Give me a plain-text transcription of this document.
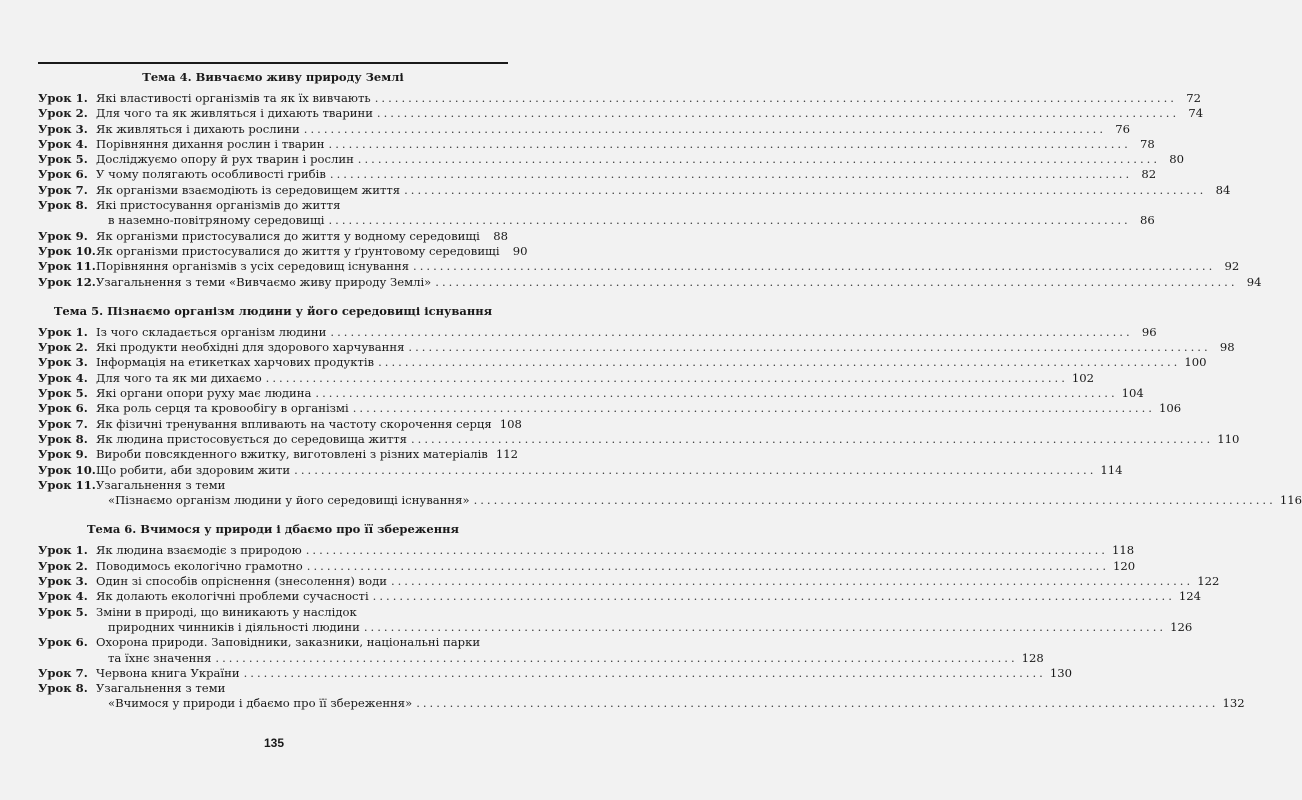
Тема 4. Вивчаємо живу природу Землі
Урок 1. Які властивості організмів та як їх вивчають ........................................................................................................................ 72
Урок 2. Для чого та як живляться і дихають тварини ........................................................................................................................ 74
Урок 3. Як живляться і дихають рослини ........................................................................................................................ 76
Урок 4. Порівняння дихання рослин і тварин ........................................................................................................................ 78
Урок 5. Досліджуємо опору й рух тварин і рослин ........................................................................................................................ 80
Урок 6. У чому полягають особливості грибів ........................................................................................................................ 82
Урок 7. Як організми взаємодіють із середовищем життя ........................................................................................................................ 84
Урок 8. Які пристосування організмів до життя
в наземно-повітряному середовищі ........................................................................................................................ 86
Урок 9. Як організми пристосувалися до життя у водному середовищі	88
Урок 10. Як організми пристосувалися до життя у ґрунтовому середовищі	90
Урок 11. Порівняння організмів з усіх середовищ існування ........................................................................................................................ 92
Урок 12. Узагальнення з теми «Вивчаємо живу природу Землі» ........................................................................................................................ 94
Тема 5. Пізнаємо організм людини у його середовищі існування
Урок 1. Із чого складається організм людини ........................................................................................................................ 96
Урок 2. Які продукти необхідні для здорового харчування ........................................................................................................................ 98
Урок 3. Інформація на етикетках харчових продуктів ........................................................................................................................ 100
Урок 4. Для чого та як ми дихаємо ........................................................................................................................ 102
Урок 5. Які органи опори руху має людина ........................................................................................................................ 104
Урок 6. Яка роль серця та кровообігу в організмі ........................................................................................................................ 106
Урок 7. Як фізичні тренування впливають на частоту скорочення серця 108
Урок 8. Як людина пристосовується до середовища життя ........................................................................................................................ 110
Урок 9. Вироби повсякденного вжитку, виготовлені з різних матеріалів 112
Урок 10. Що робити, аби здоровим жити ........................................................................................................................ 114
Урок 11. Узагальнення з теми
«Пізнаємо організм людини у його середовищі існування» ........................................................................................................................ 116
Тема 6. Вчимося у природи і дбаємо про її збереження
Урок 1. Як людина взаємодіє з природою ........................................................................................................................ 118
Урок 2. Поводимось екологічно грамотно ........................................................................................................................ 120
Урок 3. Один зі способів опріснення (знесолення) води ........................................................................................................................ 122
Урок 4. Як долають екологічні проблеми сучасності ........................................................................................................................ 124
Урок 5. Зміни в природі, що виникають у наслідок
природних чинників і діяльності людини ........................................................................................................................ 126
Урок 6. Охорона природи. Заповідники, заказники, національні парки
та їхнє значення ........................................................................................................................ 128
Урок 7. Червона книга України ........................................................................................................................ 130
Урок 8. Узагальнення з теми
«Вчимося у природи і дбаємо про її збереження» ........................................................................................................................ 132
135
